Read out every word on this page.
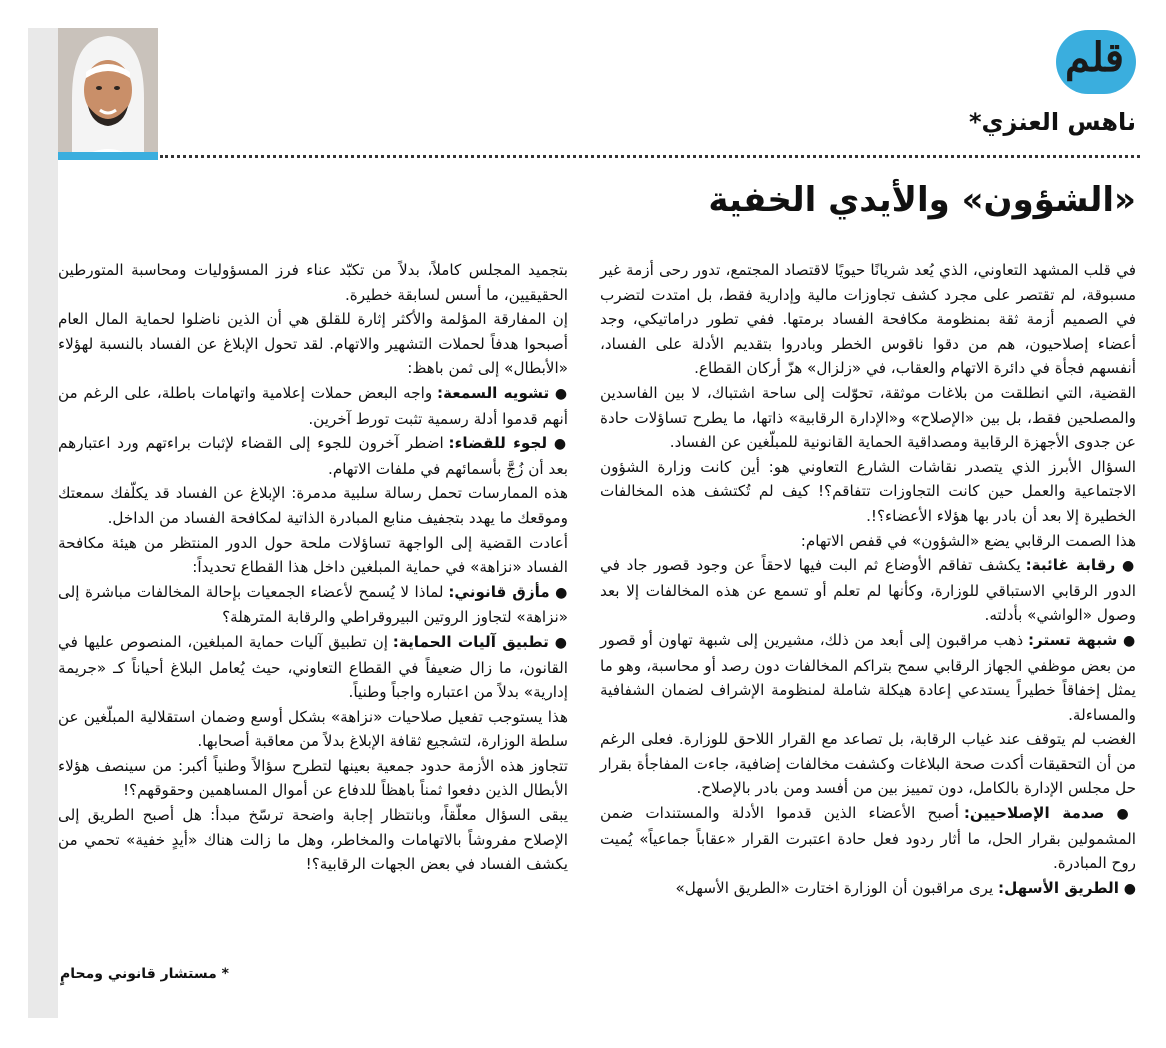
قلم
ناهس العنزي*
«الشؤون» والأيدي الخفية

في قلب المشهد التعاوني، الذي يُعد شريانًا حيويًا لاقتصاد المجتمع، تدور رحى أزمة غير مسبوقة، لم تقتصر على مجرد كشف تجاوزات مالية وإدارية فقط، بل امتدت لتضرب في الصميم أزمة ثقة بمنظومة مكافحة الفساد برمتها. ففي تطور دراماتيكي، وجد أعضاء إصلاحيون، هم من دقوا ناقوس الخطر وبادروا بتقديم الأدلة على الفساد، أنفسهم فجأة في دائرة الاتهام والعقاب، في «زلزال» هزّ أركان القطاع.

القضية، التي انطلقت من بلاغات موثقة، تحوّلت إلى ساحة اشتباك، لا بين الفاسدين والمصلحين فقط، بل بين «الإصلاح» و«الإدارة الرقابية» ذاتها، ما يطرح تساؤلات حادة عن جدوى الأجهزة الرقابية ومصداقية الحماية القانونية للمبلّغين عن الفساد.

السؤال الأبرز الذي يتصدر نقاشات الشارع التعاوني هو: أين كانت وزارة الشؤون الاجتماعية والعمل حين كانت التجاوزات تتفاقم؟! كيف لم تُكتشف هذه المخالفات الخطيرة إلا بعد أن بادر بها هؤلاء الأعضاء؟!.

هذا الصمت الرقابي يضع «الشؤون» في قفص الاتهام:

● رقابة غائبة: يكشف تفاقم الأوضاع ثم البت فيها لاحقاً عن وجود قصور جاد في الدور الرقابي الاستباقي للوزارة، وكأنها لم تعلم أو تسمع عن هذه المخالفات إلا بعد وصول «الواشي» بأدلته.

● شبهة تستر: ذهب مراقبون إلى أبعد من ذلك، مشيرين إلى شبهة تهاون أو قصور من بعض موظفي الجهاز الرقابي سمح بتراكم المخالفات دون رصد أو محاسبة، وهو ما يمثل إخفاقاً خطيراً يستدعي إعادة هيكلة شاملة لمنظومة الإشراف لضمان الشفافية والمساءلة.

الغضب لم يتوقف عند غياب الرقابة، بل تصاعد مع القرار اللاحق للوزارة. فعلى الرغم من أن التحقيقات أكدت صحة البلاغات وكشفت مخالفات إضافية، جاءت المفاجأة بقرار حل مجلس الإدارة بالكامل، دون تمييز بين من أفسد ومن بادر بالإصلاح.

● صدمة الإصلاحيين: أصبح الأعضاء الذين قدموا الأدلة والمستندات ضمن المشمولين بقرار الحل، ما أثار ردود فعل حادة اعتبرت القرار «عقاباً جماعياً» يُميت روح المبادرة.

● الطريق الأسهل: يرى مراقبون أن الوزارة اختارت «الطريق الأسهل»

بتجميد المجلس كاملاً، بدلاً من تكبّد عناء فرز المسؤوليات ومحاسبة المتورطين الحقيقيين، ما أسس لسابقة خطيرة.

إن المفارقة المؤلمة والأكثر إثارة للقلق هي أن الذين ناضلوا لحماية المال العام أصبحوا هدفاً لحملات التشهير والاتهام. لقد تحول الإبلاغ عن الفساد بالنسبة لهؤلاء «الأبطال» إلى ثمن باهظ:

● تشويه السمعة: واجه البعض حملات إعلامية واتهامات باطلة، على الرغم من أنهم قدموا أدلة رسمية تثبت تورط آخرين.

● لجوء للقضاء: اضطر آخرون للجوء إلى القضاء لإثبات براءتهم ورد اعتبارهم بعد أن زُجَّ بأسمائهم في ملفات الاتهام.

هذه الممارسات تحمل رسالة سلبية مدمرة: الإبلاغ عن الفساد قد يكلّفك سمعتك وموقعك ما يهدد بتجفيف منابع المبادرة الذاتية لمكافحة الفساد من الداخل.

أعادت القضية إلى الواجهة تساؤلات ملحة حول الدور المنتظر من هيئة مكافحة الفساد «نزاهة» في حماية المبلغين داخل هذا القطاع تحديداً:

● مأزق قانوني: لماذا لا يُسمح لأعضاء الجمعيات بإحالة المخالفات مباشرة إلى «نزاهة» لتجاوز الروتين البيروقراطي والرقابة المترهلة؟

● تطبيق آليات الحماية: إن تطبيق آليات حماية المبلغين، المنصوص عليها في القانون، ما زال ضعيفاً في القطاع التعاوني، حيث يُعامل البلاغ أحياناً كـ «جريمة إدارية» بدلاً من اعتباره واجباً وطنياً.

هذا يستوجب تفعيل صلاحيات «نزاهة» بشكل أوسع وضمان استقلالية المبلّغين عن سلطة الوزارة، لتشجيع ثقافة الإبلاغ بدلاً من معاقبة أصحابها.

تتجاوز هذه الأزمة حدود جمعية بعينها لتطرح سؤالاً وطنياً أكبر: من سينصف هؤلاء الأبطال الذين دفعوا ثمناً باهظاً للدفاع عن أموال المساهمين وحقوقهم؟!

يبقى السؤال معلّقاً، وبانتظار إجابة واضحة ترسّخ مبدأ: هل أصبح الطريق إلى الإصلاح مفروشاً بالاتهامات والمخاطر، وهل ما زالت هناك «أيدٍ خفية» تحمي من يكشف الفساد في بعض الجهات الرقابية؟!

* مستشار قانوني ومحامٍ
